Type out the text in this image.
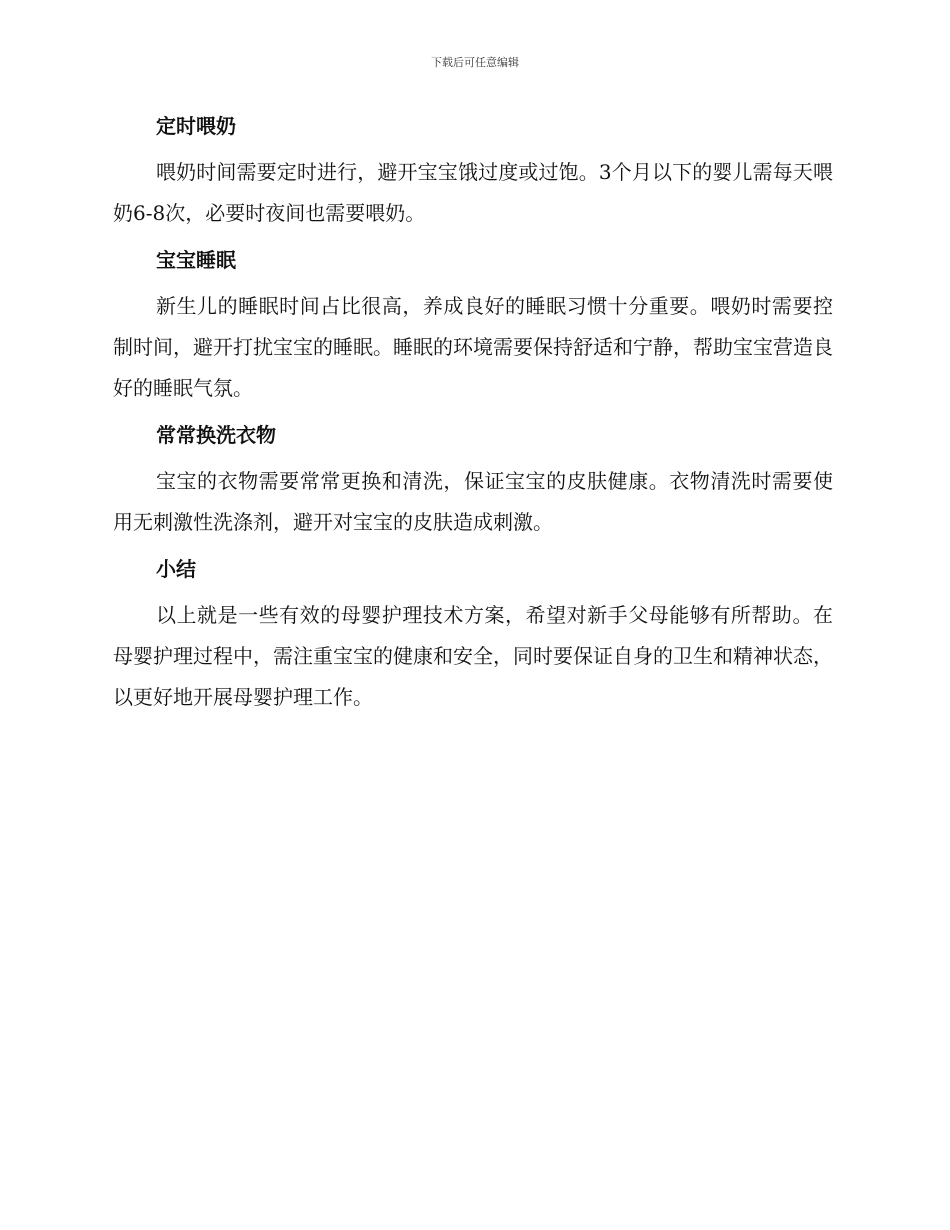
下载后可任意编辑
定时喂奶

喂奶时间需要定时进行，避开宝宝饿过度或过饱。3个月以下的婴儿需每天喂奶6-8次，必要时夜间也需要喂奶。

宝宝睡眠

新生儿的睡眠时间占比很高，养成良好的睡眠习惯十分重要。喂奶时需要控制时间，避开打扰宝宝的睡眠。睡眠的环境需要保持舒适和宁静，帮助宝宝营造良好的睡眠气氛。

常常换洗衣物

宝宝的衣物需要常常更换和清洗，保证宝宝的皮肤健康。衣物清洗时需要使用无刺激性洗涤剂，避开对宝宝的皮肤造成刺激。

小结

以上就是一些有效的母婴护理技术方案，希望对新手父母能够有所帮助。在母婴护理过程中，需注重宝宝的健康和安全，同时要保证自身的卫生和精神状态，以更好地开展母婴护理工作。
